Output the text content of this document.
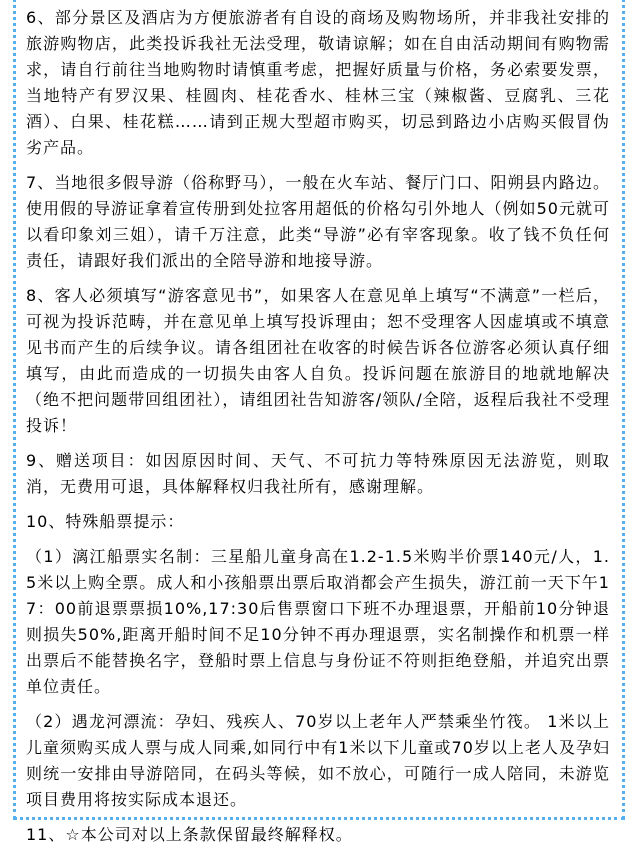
6、部分景区及酒店为方便旅游者有自设的商场及购物场所，并非我社安排的旅游购物店，此类投诉我社无法受理，敬请谅解；如在自由活动期间有购物需求，请自行前往当地购物时请慎重考虑，把握好质量与价格，务必索要发票，当地特产有罗汉果、桂圆肉、桂花香水、桂林三宝（辣椒酱、豆腐乳、三花酒）、白果、桂花糕……请到正规大型超市购买，切忌到路边小店购买假冒伪劣产品。

7、当地很多假导游（俗称野马），一般在火车站、餐厅门口、阳朔县内路边。使用假的导游证拿着宣传册到处拉客用超低的价格勾引外地人（例如50元就可以看印象刘三姐），请千万注意，此类“导游”必有宰客现象。收了钱不负任何责任，请跟好我们派出的全陪导游和地接导游。

8、客人必须填写“游客意见书”，如果客人在意见单上填写“不满意”一栏后，可视为投诉范畴，并在意见单上填写投诉理由；恕不受理客人因虚填或不填意见书而产生的后续争议。请各组团社在收客的时候告诉各位游客必须认真仔细填写，由此而造成的一切损失由客人自负。投诉问题在旅游目的地就地解决（绝不把问题带回组团社），请组团社告知游客/领队/全陪，返程后我社不受理投诉！

9、赠送项目：如因原因时间、天气、不可抗力等特殊原因无法游览，则取消，无费用可退，具体解释权归我社所有，感谢理解。

10、特殊船票提示：

（1）漓江船票实名制：三星船儿童身高在1.2-1.5米购半价票140元/人，1.5米以上购全票。成人和小孩船票出票后取消都会产生损失，游江前一天下午17：00前退票票损10%,17:30后售票窗口下班不办理退票，开船前10分钟退则损失50%,距离开船时间不足10分钟不再办理退票，实名制操作和机票一样出票后不能替换名字，登船时票上信息与身份证不符则拒绝登船，并追究出票单位责任。

（2）遇龙河漂流：孕妇、残疾人、70岁以上老年人严禁乘坐竹筏。 1米以上儿童须购买成人票与成人同乘,如同行中有1米以下儿童或70岁以上老人及孕妇则统一安排由导游陪同，在码头等候，如不放心，可随行一成人陪同，未游览项目费用将按实际成本退还。

11、☆本公司对以上条款保留最终解释权。
